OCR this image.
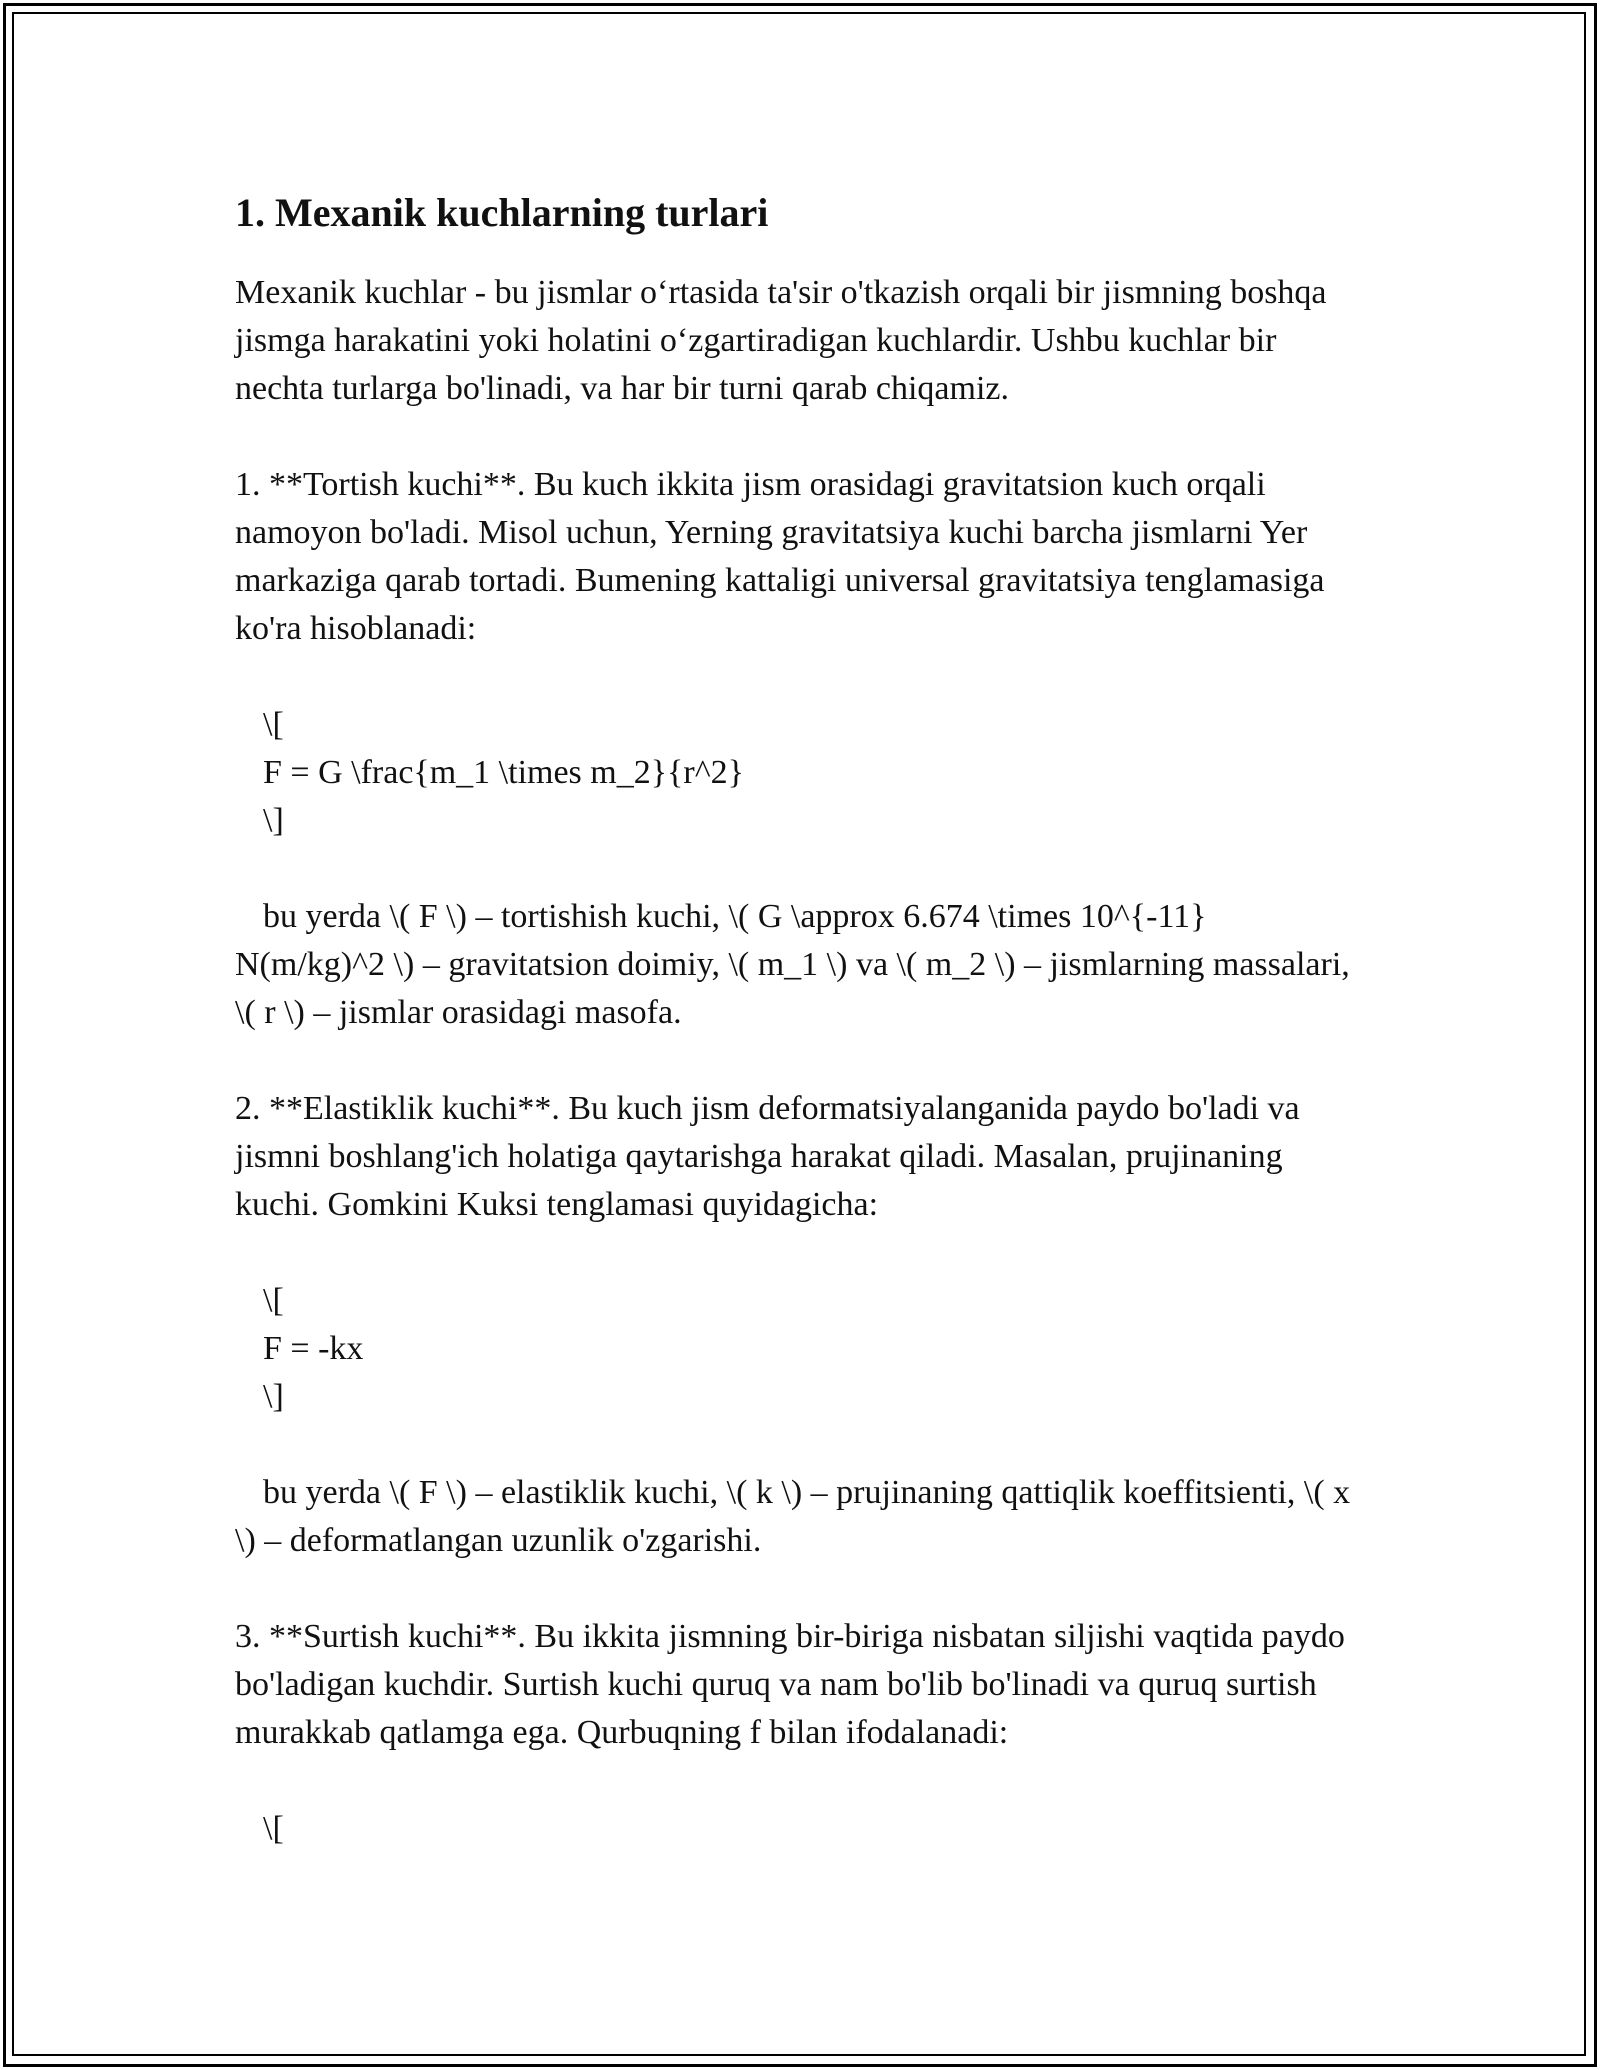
1. Mexanik kuchlarning turlari

Mexanik kuchlar - bu jismlar o‘rtasida ta'sir o'tkazish orqali bir jismning boshqa jismga harakatini yoki holatini o‘zgartiradigan kuchlardir. Ushbu kuchlar bir nechta turlarga bo'linadi, va har bir turni qarab chiqamiz.

1. **Tortish kuchi**. Bu kuch ikkita jism orasidagi gravitatsion kuch orqali namoyon bo'ladi. Misol uchun, Yerning gravitatsiya kuchi barcha jismlarni Yer markaziga qarab tortadi. Bumening kattaligi universal gravitatsiya tenglamasiga ko'ra hisoblanadi:

\[
F = G \frac{m_1 \times m_2}{r^2}
\]

bu yerda \( F \) – tortishish kuchi, \( G \approx 6.674 \times 10^{-11} N(m/kg)^2 \) – gravitatsion doimiy, \( m_1 \) va \( m_2 \) – jismlarning massalari, \( r \) – jismlar orasidagi masofa.

2. **Elastiklik kuchi**. Bu kuch jism deformatsiyalanganida paydo bo'ladi va jismni boshlang'ich holatiga qaytarishga harakat qiladi. Masalan, prujinaning kuchi. Gomkini Kuksi tenglamasi quyidagicha:

\[
F = -kx
\]

bu yerda \( F \) – elastiklik kuchi, \( k \) – prujinaning qattiqlik koeffitsienti, \( x \) – deformatlangan uzunlik o'zgarishi.

3. **Surtish kuchi**. Bu ikkita jismning bir-biriga nisbatan siljishi vaqtida paydo bo'ladigan kuchdir. Surtish kuchi quruq va nam bo'lib bo'linadi va quruq surtish murakkab qatlamga ega. Qurbuqning f bilan ifodalanadi:

\[
